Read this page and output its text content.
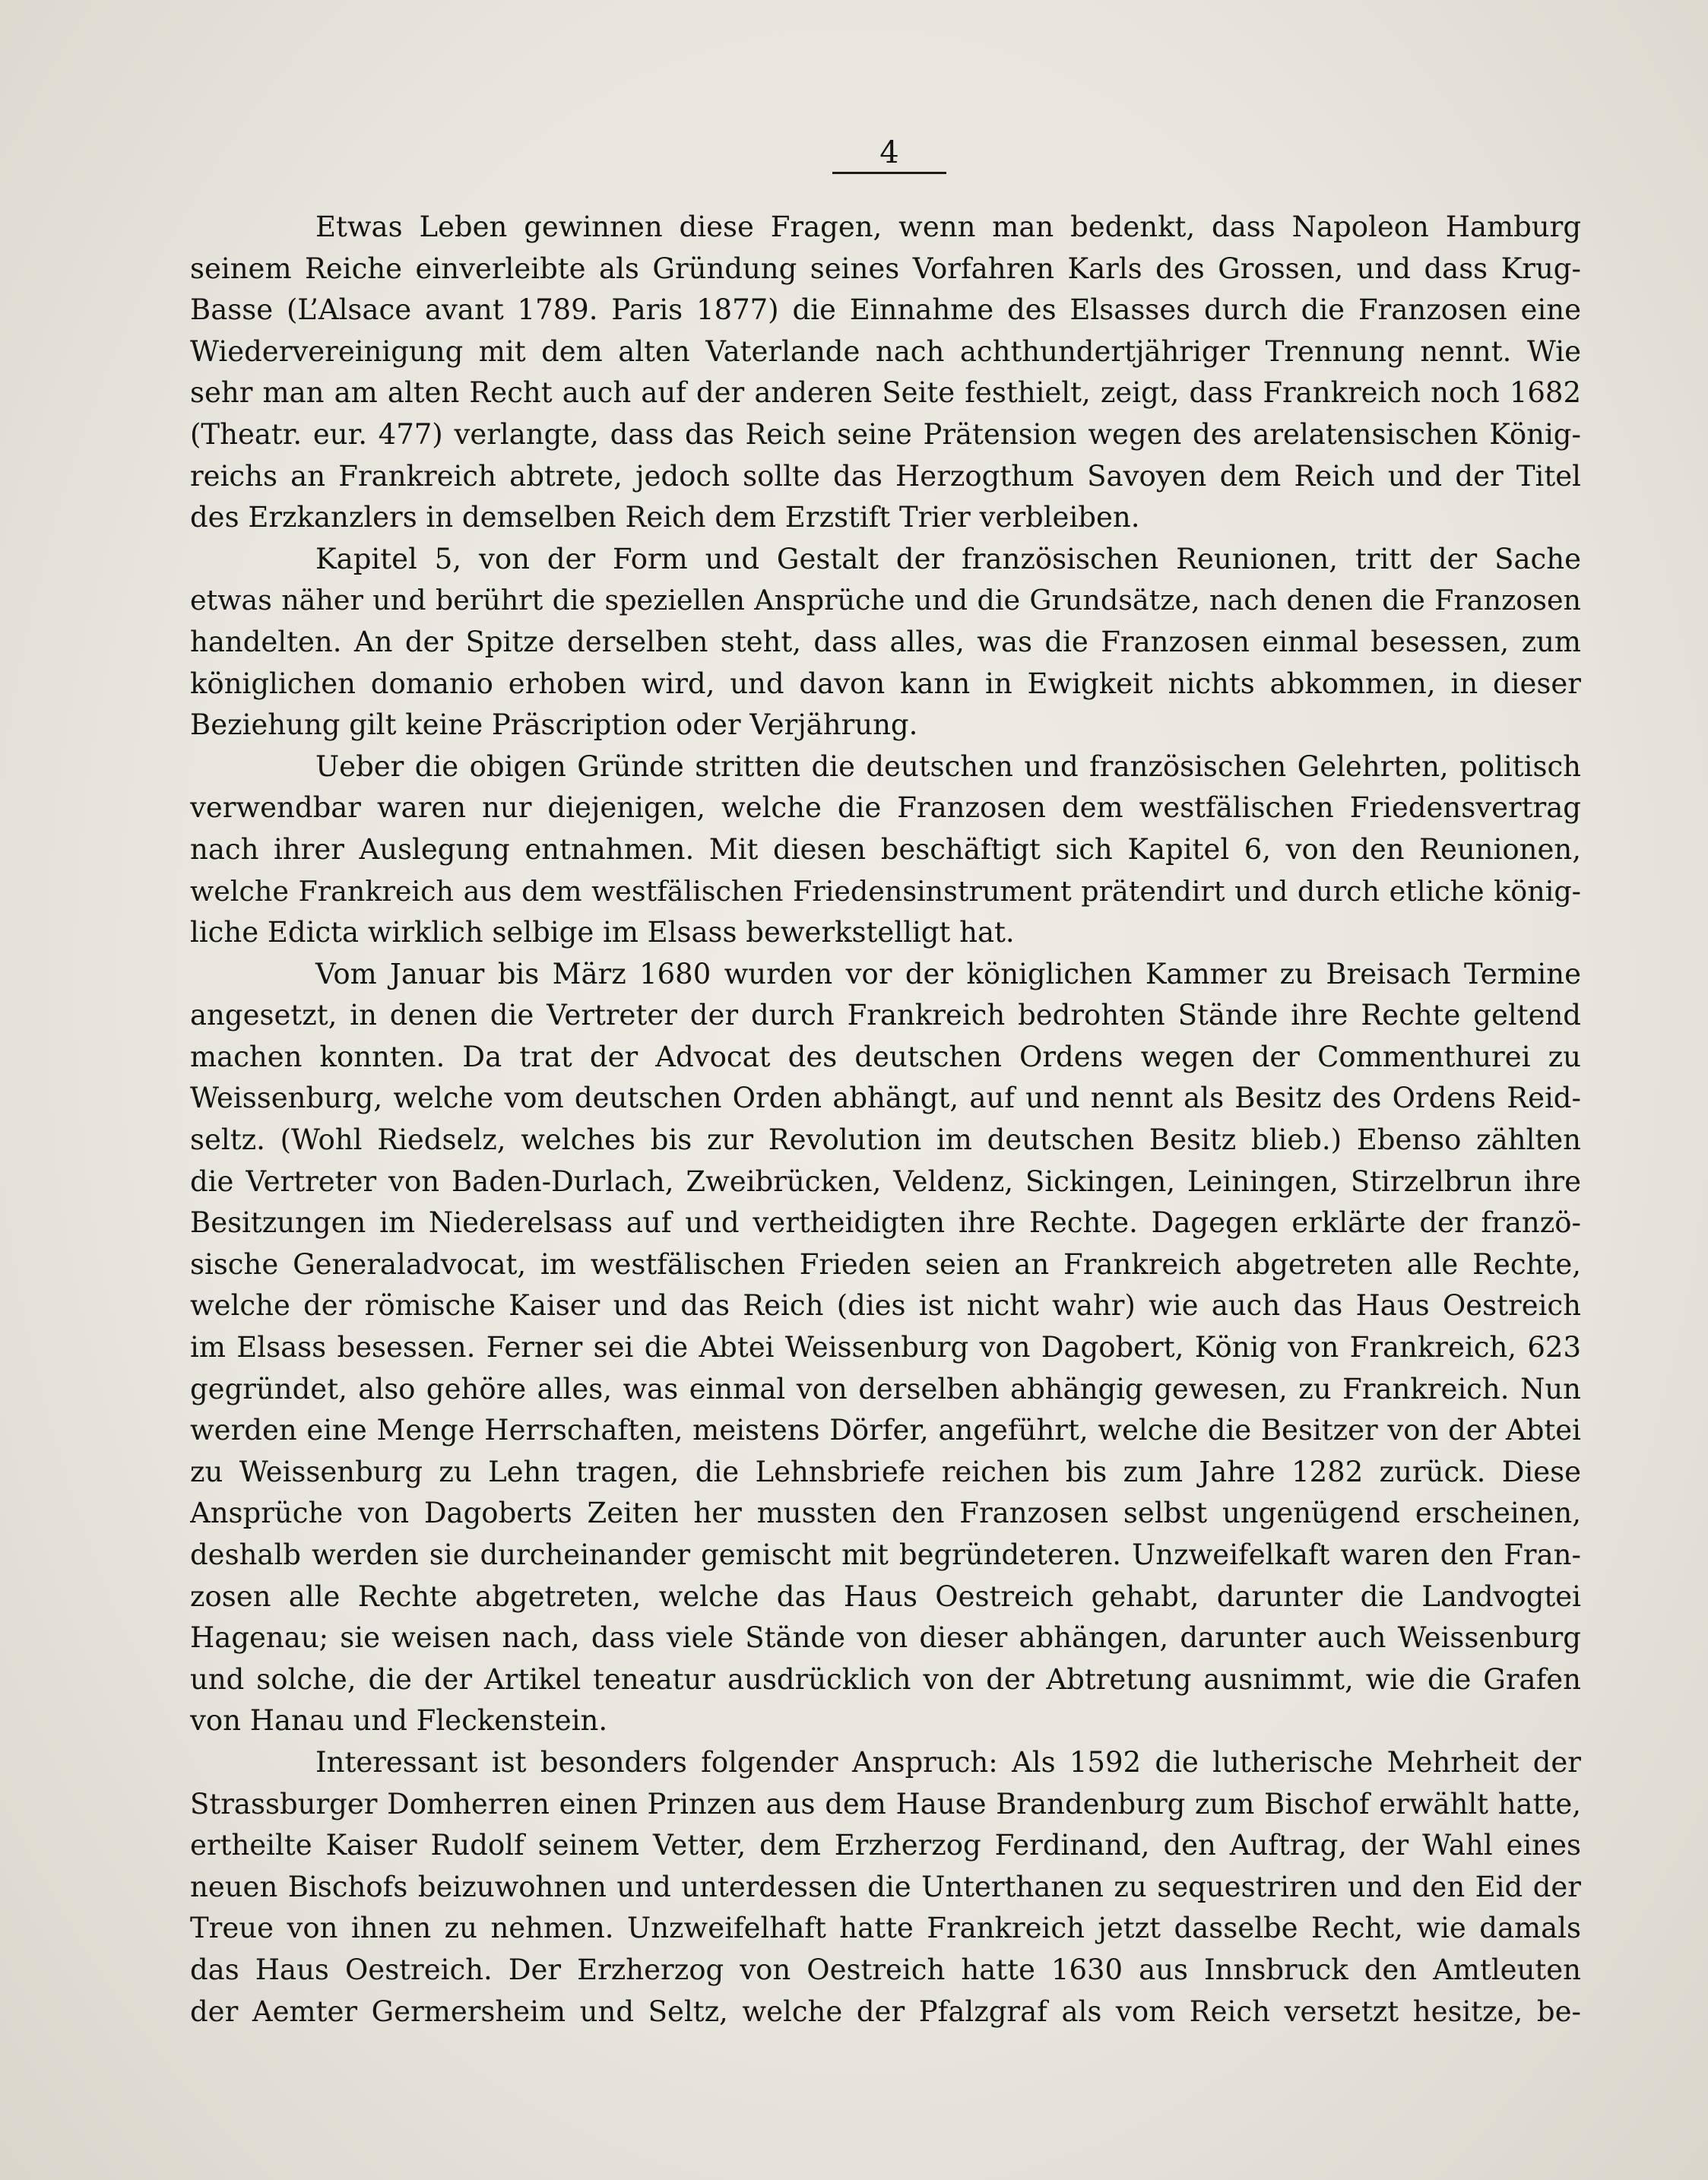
4
Etwas Leben gewinnen diese Fragen, wenn man bedenkt, dass Napoleon Hamburg
seinem Reiche einverleibte als Gründung seines Vorfahren Karls des Grossen, und dass Krug-
Basse (L’Alsace avant 1789. Paris 1877) die Einnahme des Elsasses durch die Franzosen eine
Wiedervereinigung mit dem alten Vaterlande nach achthundertjähriger Trennung nennt. Wie
sehr man am alten Recht auch auf der anderen Seite festhielt, zeigt, dass Frankreich noch 1682
(Theatr. eur. 477) verlangte, dass das Reich seine Prätension wegen des arelatensischen König-
reichs an Frankreich abtrete, jedoch sollte das Herzogthum Savoyen dem Reich und der Titel
des Erzkanzlers in demselben Reich dem Erzstift Trier verbleiben.
Kapitel 5, von der Form und Gestalt der französischen Reunionen, tritt der Sache
etwas näher und berührt die speziellen Ansprüche und die Grundsätze, nach denen die Franzosen
handelten. An der Spitze derselben steht, dass alles, was die Franzosen einmal besessen, zum
königlichen domanio erhoben wird, und davon kann in Ewigkeit nichts abkommen, in dieser
Beziehung gilt keine Präscription oder Verjährung.
Ueber die obigen Gründe stritten die deutschen und französischen Gelehrten, politisch
verwendbar waren nur diejenigen, welche die Franzosen dem westfälischen Friedensvertrag
nach ihrer Auslegung entnahmen. Mit diesen beschäftigt sich Kapitel 6, von den Reunionen,
welche Frankreich aus dem westfälischen Friedensinstrument prätendirt und durch etliche könig-
liche Edicta wirklich selbige im Elsass bewerkstelligt hat.
Vom Januar bis März 1680 wurden vor der königlichen Kammer zu Breisach Termine
angesetzt, in denen die Vertreter der durch Frankreich bedrohten Stände ihre Rechte geltend
machen konnten. Da trat der Advocat des deutschen Ordens wegen der Commenthurei zu
Weissenburg, welche vom deutschen Orden abhängt, auf und nennt als Besitz des Ordens Reid-
seltz. (Wohl Riedselz, welches bis zur Revolution im deutschen Besitz blieb.) Ebenso zählten
die Vertreter von Baden-Durlach, Zweibrücken, Veldenz, Sickingen, Leiningen, Stirzelbrun ihre
Besitzungen im Niederelsass auf und vertheidigten ihre Rechte. Dagegen erklärte der franzö-
sische Generaladvocat, im westfälischen Frieden seien an Frankreich abgetreten alle Rechte,
welche der römische Kaiser und das Reich (dies ist nicht wahr) wie auch das Haus Oestreich
im Elsass besessen. Ferner sei die Abtei Weissenburg von Dagobert, König von Frankreich, 623
gegründet, also gehöre alles, was einmal von derselben abhängig gewesen, zu Frankreich. Nun
werden eine Menge Herrschaften, meistens Dörfer, angeführt, welche die Besitzer von der Abtei
zu Weissenburg zu Lehn tragen, die Lehnsbriefe reichen bis zum Jahre 1282 zurück. Diese
Ansprüche von Dagoberts Zeiten her mussten den Franzosen selbst ungenügend erscheinen,
deshalb werden sie durcheinander gemischt mit begründeteren. Unzweifelkaft waren den Fran-
zosen alle Rechte abgetreten, welche das Haus Oestreich gehabt, darunter die Landvogtei
Hagenau; sie weisen nach, dass viele Stände von dieser abhängen, darunter auch Weissenburg
und solche, die der Artikel teneatur ausdrücklich von der Abtretung ausnimmt, wie die Grafen
von Hanau und Fleckenstein.
Interessant ist besonders folgender Anspruch: Als 1592 die lutherische Mehrheit der
Strassburger Domherren einen Prinzen aus dem Hause Brandenburg zum Bischof erwählt hatte,
ertheilte Kaiser Rudolf seinem Vetter, dem Erzherzog Ferdinand, den Auftrag, der Wahl eines
neuen Bischofs beizuwohnen und unterdessen die Unterthanen zu sequestriren und den Eid der
Treue von ihnen zu nehmen. Unzweifelhaft hatte Frankreich jetzt dasselbe Recht, wie damals
das Haus Oestreich. Der Erzherzog von Oestreich hatte 1630 aus Innsbruck den Amtleuten
der Aemter Germersheim und Seltz, welche der Pfalzgraf als vom Reich versetzt hesitze, be-
